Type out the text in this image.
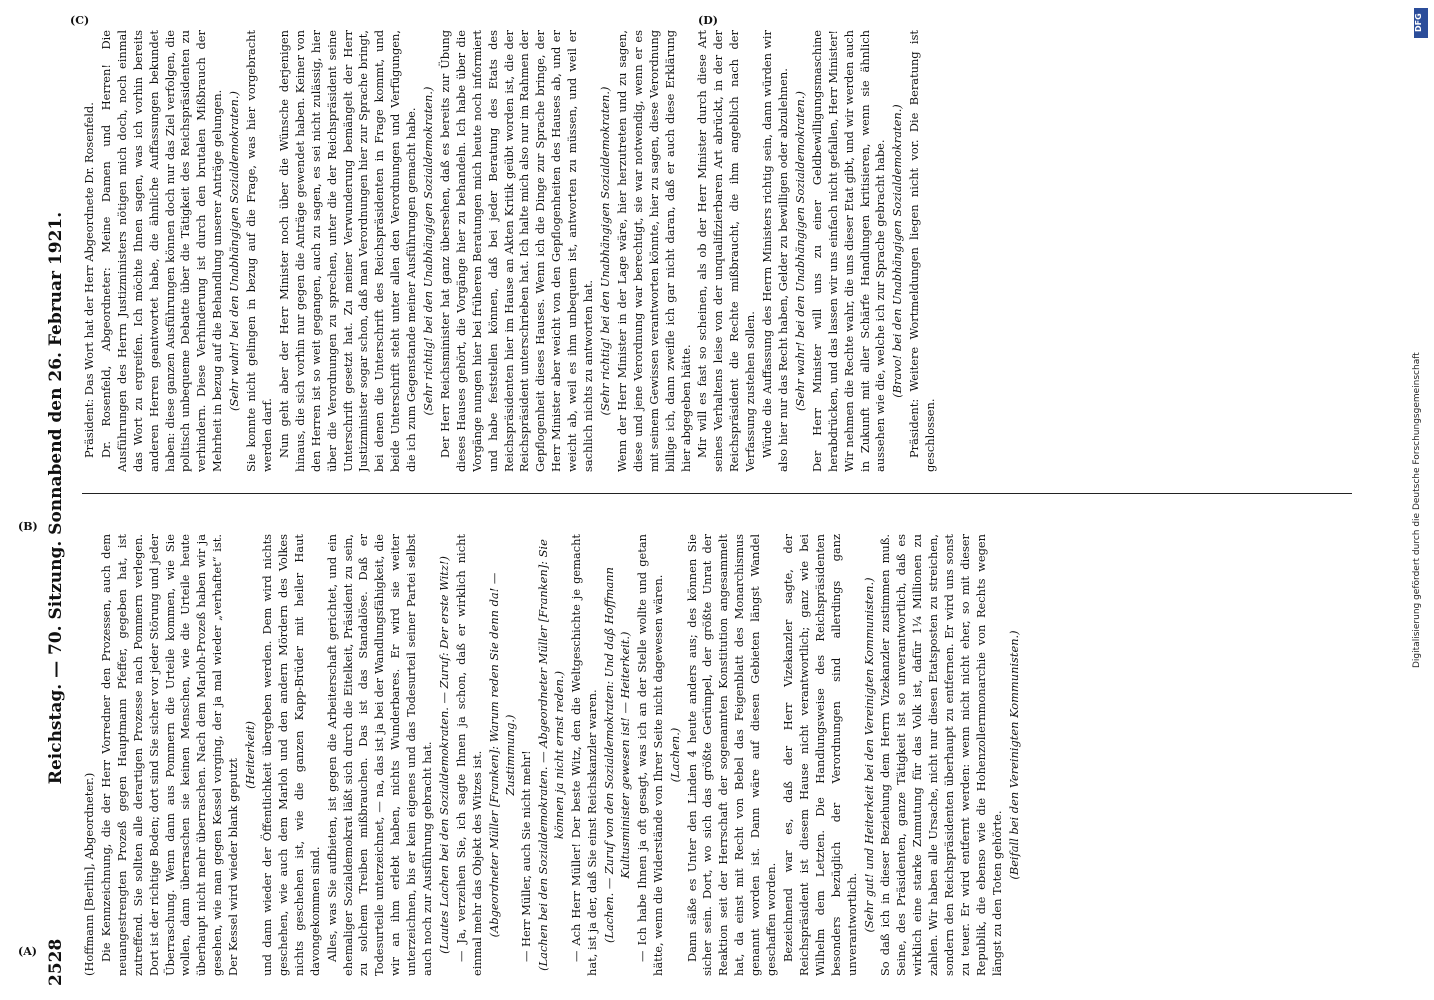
2528
Reichstag. — 70. Sitzung. Sonnabend den 26. Februar 1921.

(Hoffmann [Berlin], Abgeordneter.) Die Kennzeichnung, die der Herr Vorredner den Prozessen, auch dem neuangestrengten Prozeß gegen Hauptmann Pfeffer, gegeben hat, ist zutreffend. Sie sollten alle derartigen Prozesse nach Pommern verlegen. Dort ist der richtige Boden; dort sind Sie sicher vor jeder Störung und jeder Überraschung. Wenn dann aus Pommern die Urteile kommen, wie Sie wollen, dann überraschen sie keinen Menschen, wie die Urteile heute überhaupt nicht mehr überraschen. Nach dem Marloh-Prozeß haben wir ja gesehen, wie man gegen Kessel vorging, der ja mal wieder „verhaftet“ ist. Der Kessel wird wieder blank geputzt

(Heiterkeit) und dann wieder der Öffentlichkeit übergeben werden. Dem wird nichts geschehen, wie auch dem Marloh und den andern Mördern des Volkes nichts geschehen ist, wie die ganzen Kapp-Brüder mit heiler Haut davongekommen sind. Alles, was Sie aufbieten, ist gegen die Arbeiterschaft gerichtet, und ein ehemaliger Sozialdemokrat läßt sich durch die Eitelkeit, Präsident zu sein, zu solchem Treiben mißbrauchen. Das ist das Standalöse. Daß er Todesurteile unterzeichnet, — na, das ist ja bei der Wandlungsfähigkeit, die wir an ihm erlebt haben, nichts Wunderbares. Er wird sie weiter unterzeichnen, bis er kein eigenes und das Todesurteil seiner Partei selbst auch noch zur Ausführung gebracht hat. (Lautes Lachen bei den Sozialdemokraten. — Zuruf: Der erste Witz!) — Ja, verzeihen Sie, ich sagte Ihnen ja schon, daß er wirklich nicht einmal mehr das Objekt des Witzes ist. (Abgeordneter Müller [Franken]: Warum reden Sie denn da! — Zustimmung.) — Herr Müller, auch Sie nicht mehr! (Lachen bei den Sozialdemokraten. — Abgeordneter Müller [Franken]: Sie können ja nicht ernst reden.) — Ach Herr Müller! Der beste Witz, den die Weltgeschichte je gemacht hat, ist ja der, daß Sie einst Reichskanzler waren. (Lachen. — Zuruf von den Sozialdemokraten: Und daß Hoffmann Kultusminister gewesen ist! — Heiterkeit.) — Ich habe Ihnen ja oft gesagt, was ich an der Stelle wollte und getan hätte, wenn die Widerstände von Ihrer Seite nicht dagewesen wären. (Lachen.) Dann säße es Unter den Linden 4 heute anders aus; des können Sie sicher sein. Dort, wo sich das größte Gerümpel, der größte Unrat der Reaktion seit der Herrschaft der sogenannten Konstitution angesammelt hat, da einst mit Recht von Bebel das Feigenblatt des Monarchismus genannt worden ist. Dann wäre auf diesen Gebieten längst Wandel geschaffen worden. Bezeichnend war es, daß der Herr Vizekanzler sagte, der Reichspräsident ist diesem Hause nicht verantwortlich; ganz wie bei Wilhelm dem Letzten. Die Handlungsweise des Reichspräsidenten besonders bezüglich der Verordnungen sind allerdings ganz unverantwortlich. (Sehr gut! und Heiterkeit bei den Vereinigten Kommunisten.) So daß ich in dieser Beziehung dem Herrn Vizekanzler zustimmen muß. Seine, des Präsidenten, ganze Tätigkeit ist so unverantwortlich, daß es wirklich eine starke Zumutung für das Volk ist, dafür 1¼ Millionen zu zahlen. Wir haben alle Ursache, nicht nur diesen Etatsposten zu streichen, sondern den Reichspräsidenten überhaupt zu entfernen. Er wird uns sonst zu teuer. Er wird entfernt werden: wenn nicht nicht eher, so mit dieser Republik, die ebenso wie die Hohenzollernmonarchie von Rechts wegen längst zu den Toten gehörte.

(Beifall bei den Vereinigten Kommunisten.)

Präsident: Das Wort hat der Herr Abgeordnete Dr. Rosenfeld. Dr. Rosenfeld, Abgeordneter: Meine Damen und Herren! Die Ausführungen des Herrn Justizministers nötigen mich doch, noch einmal das Wort zu ergreifen. Ich möchte Ihnen sagen, was ich vorhin bereits anderen Herren geantwortet habe, die ähnliche Auffassungen bekundet haben: diese ganzen Ausführungen können doch nur das Ziel verfolgen, die politisch unbequeme Debatte über die Tätigkeit des Reichspräsidenten zu verhindern. Diese Verhinderung ist durch den brutalen Mißbrauch der Mehrheit in bezug auf die Behandlung unserer Anträge gelungen. (Sehr wahr! bei den Unabhängigen Sozialdemokraten.) Sie konnte nicht gelingen in bezug auf die Frage, was hier vorgebracht werden darf. Nun geht aber der Herr Minister noch über die Wünsche derjenigen hinaus, die sich vorhin nur gegen die Anträge gewendet haben. Keiner von den Herren ist so weit gegangen, auch zu sagen, es sei nicht zulässig, hier über die Verordnungen zu sprechen, unter die der Reichspräsident seine Unterschrift gesetzt hat. Zu meiner Verwunderung bemängelt der Herr Justizminister sogar schon, daß man Verordnungen hier zur Sprache bringt, bei denen die Unterschrift des Reichspräsidenten in Frage kommt, und beide Unterschrift steht unter allen den Verordnungen und Verfügungen, die ich zum Gegenstande meiner Ausführungen gemacht habe. (Sehr richtig! bei den Unabhängigen Sozialdemokraten.) Der Herr Reichsminister hat ganz übersehen, daß es bereits zur Übung dieses Hauses gehört, die Vorgänge hier zu behandeln. Ich habe über die Vorgänge nungen hier bei früheren Beratungen mich heute noch informiert und habe feststellen können, daß bei jeder Beratung des Etats des Reichspräsidenten hier im Hause an Akten Kritik geübt worden ist, die der Reichspräsident unterschrieben hat. Ich halte mich also nur im Rahmen der Gepflogenheit dieses Hauses. Wenn ich die Dinge zur Sprache bringe, der Herr Minister aber weicht von den Gepflogenheiten des Hauses ab, und er weicht ab, weil es ihm unbequem ist, antworten zu müssen, und weil er sachlich nichts zu antworten hat. (Sehr richtig! bei den Unabhängigen Sozialdemokraten.) Wenn der Herr Minister in der Lage wäre, hier herzutreten und zu sagen, diese und jene Verordnung war berechtigt, sie war notwendig, wenn er es mit seinem Gewissen verantworten könnte, hier zu sagen, diese Verordnung billige ich, dann zweifle ich gar nicht daran, daß er auch diese Erklärung hier abgegeben hätte. Mir will es fast so scheinen, als ob der Herr Minister durch diese Art seines Verhaltens leise von der unqualifizierbaren Art abrückt, in der der Reichspräsident die Rechte mißbraucht, die ihm angeblich nach der Verfassung zustehen sollen. Würde die Auffassung des Herrn Ministers richtig sein, dann würden wir also hier nur das Recht haben, Gelder zu bewilligen oder abzulehnen. (Sehr wahr! bei den Unabhängigen Sozialdemokraten.) Der Herr Minister will uns zu einer Geldbewilligungsmaschine herabdrücken, und das lassen wir uns einfach nicht gefallen, Herr Minister! Wir nehmen die Rechte wahr, die uns dieser Etat gibt, und wir werden auch in Zukunft mit aller Schärfe Handlungen kritisieren, wenn sie ähnlich aussehen wie die, welche ich zur Sprache gebracht habe. (Bravo! bei den Unabhängigen Sozialdemokraten.) Präsident: Weitere Wortmeldungen liegen nicht vor. Die Beratung ist geschlossen.

(A)
(B)
(C)	(D)	DFG
Digitalisierung gefördert durch die Deutsche Forschungsgemeinschaft
